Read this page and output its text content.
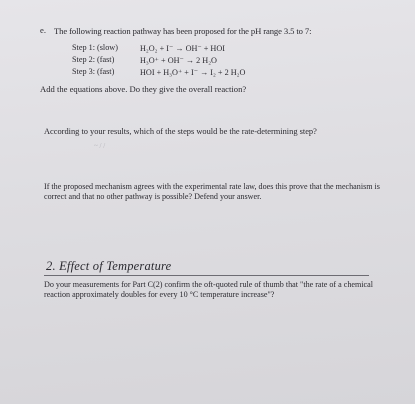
e. The following reaction pathway has been proposed for the pH range 3.5 to 7:
Step 1: (slow)	H₂O₂ + I⁻ → OH⁻ + HOI
Step 2: (fast)	H₃O⁺ + OH⁻ → 2 H₂O
Step 3: (fast)	HOI + H₃O⁺ + I⁻ → I₂ + 2 H₂O
Add the equations above. Do they give the overall reaction?
According to your results, which of the steps would be the rate-determining step?
~ / /
If the proposed mechanism agrees with the experimental rate law, does this prove that the mechanism is correct and that no other pathway is possible? Defend your answer.
2. Effect of Temperature
Do your measurements for Part C(2) confirm the oft-quoted rule of thumb that "the rate of a chemical reaction approximately doubles for every 10 °C temperature increase"?
